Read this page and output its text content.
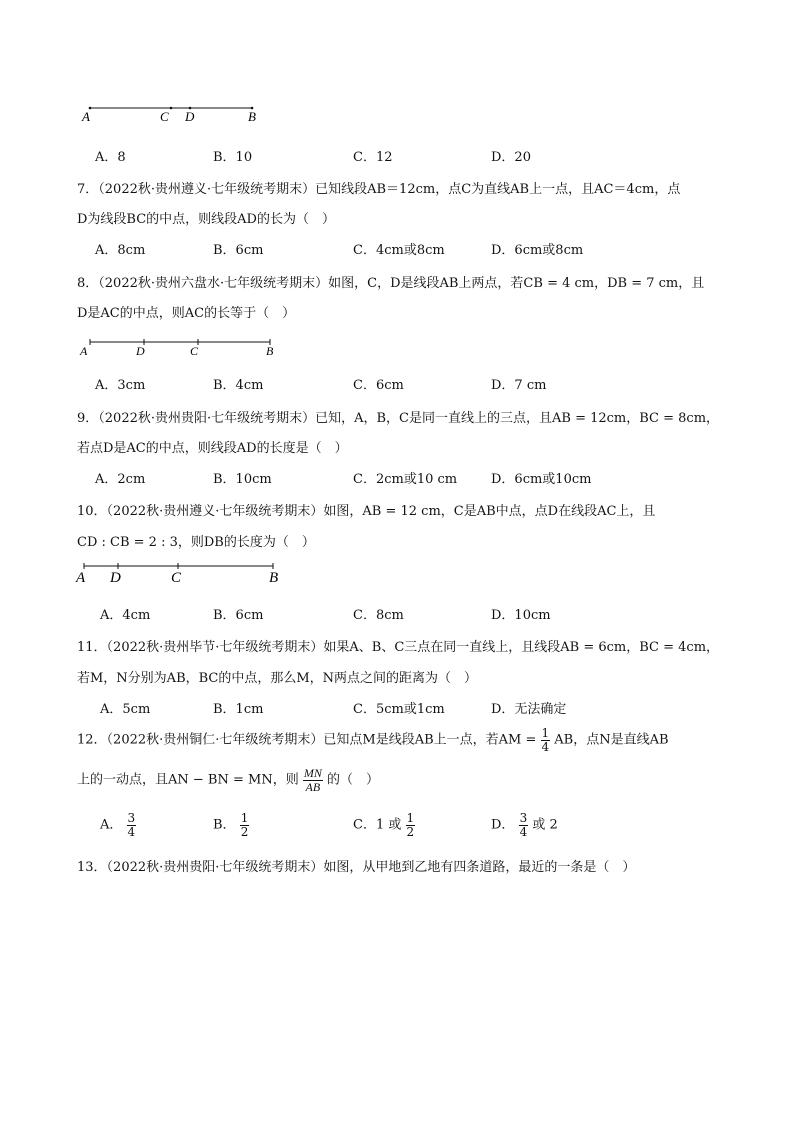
A	C D	B
A．8	B．10	C．12	D．20
7．（2022秋·贵州遵义·七年级统考期末）已知线段AB＝12cm，点C为直线AB上一点，且AC＝4cm，点
D为线段BC的中点，则线段AD的长为（　）
A．8cm	B．6cm	C．4cm或8cm	D．6cm或8cm
8．（2022秋·贵州六盘水·七年级统考期末）如图，C，D是线段AB上两点，若CB = 4 cm，DB = 7 cm，且
D是AC的中点，则AC的长等于（　）
A	D	C	B
A．3cm	B．4cm	C．6cm	D．7 cm
9．（2022秋·贵州贵阳·七年级统考期末）已知，A，B，C是同一直线上的三点，且AB = 12cm，BC = 8cm，
若点D是AC的中点，则线段AD的长度是（　）
A．2cm	B．10cm	C．2cm或10 cm	D．6cm或10cm
10．（2022秋·贵州遵义·七年级统考期末）如图，AB = 12 cm，C是AB中点，点D在线段AC上，且
CD : CB = 2 : 3，则DB的长度为（　）
A D	C	B
A．4cm	B．6cm	C．8cm	D．10cm
11．（2022秋·贵州毕节·七年级统考期末）如果A、B、C三点在同一直线上，且线段AB = 6cm，BC = 4cm，
若M，N分别为AB，BC的中点，那么M，N两点之间的距离为（　）
A．5cm	B．1cm	C．5cm或1cm	D．无法确定
12．（2022秋·贵州铜仁·七年级统考期末）已知点M是线段AB上一点，若AM = $\frac{1}{4}$ AB，点N是直线AB
上的一动点，且AN − BN = MN，则 $\frac{MN}{AB}$ 的（　）
A． $\frac{3}{4}$	B． $\frac{1}{2}$	C．1 或 $\frac{1}{2}$	D． $\frac{3}{4}$ 或 2
13．（2022秋·贵州贵阳·七年级统考期末）如图，从甲地到乙地有四条道路，最近的一条是（　）
